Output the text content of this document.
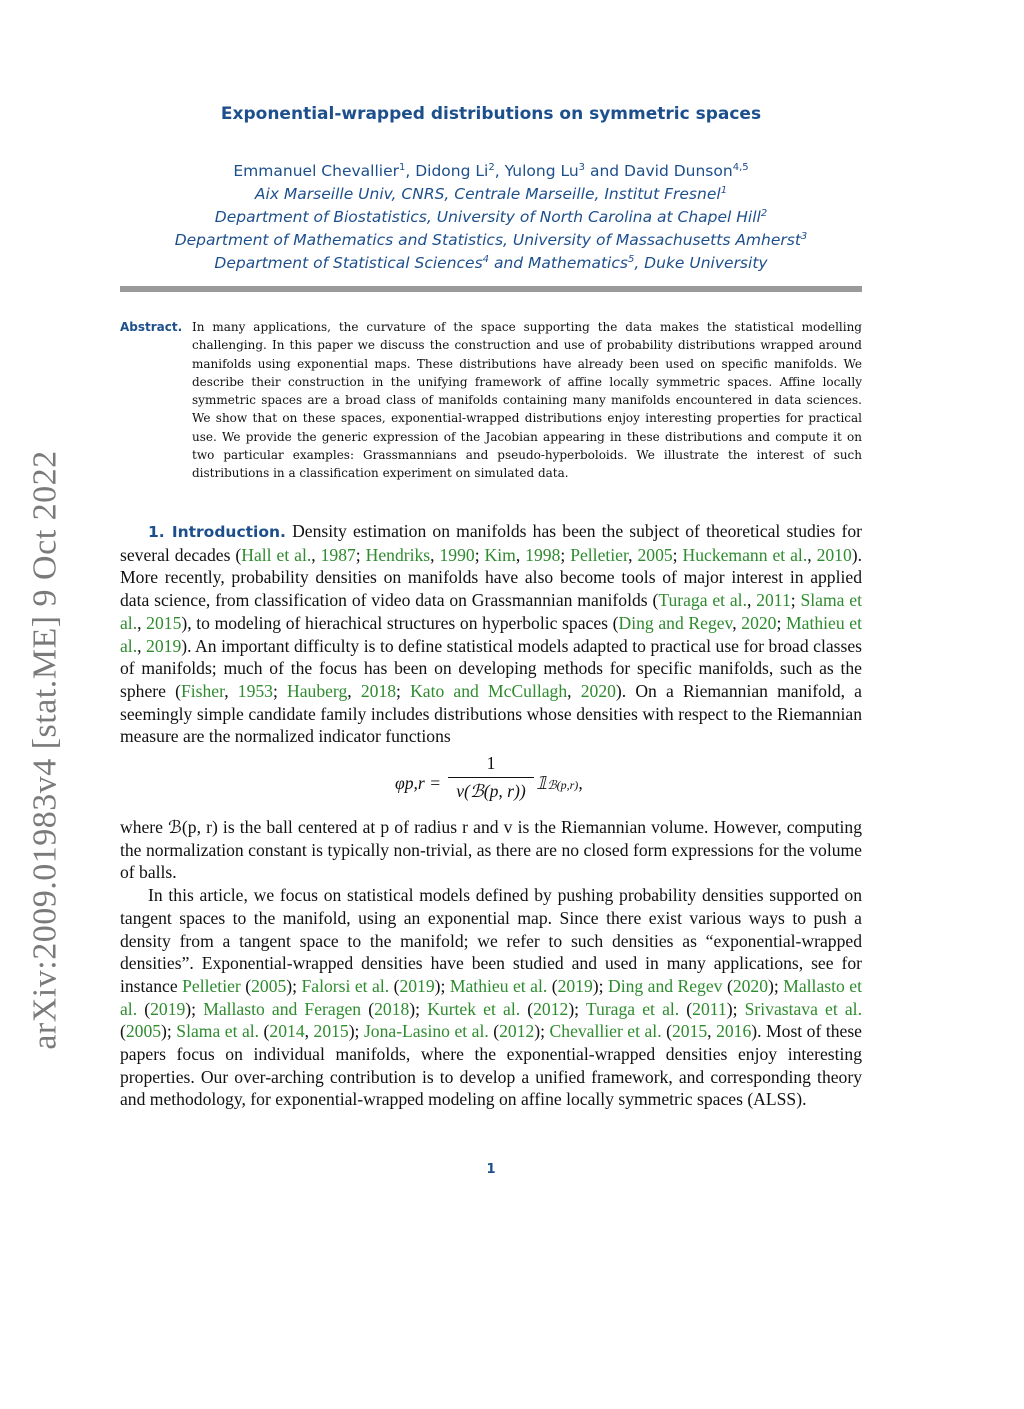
arXiv:2009.01983v4 [stat.ME] 9 Oct 2022
Exponential-wrapped distributions on symmetric spaces
Emmanuel Chevallier$^1$, Didong Li$^2$, Yulong Lu$^3$ and David Dunson$^{4,5}$
Aix Marseille Univ, CNRS, Centrale Marseille, Institut Fresnel$^1$
Department of Biostatistics, University of North Carolina at Chapel Hill$^2$
Department of Mathematics and Statistics, University of Massachusetts Amherst$^3$
Department of Statistical Sciences$^4$ and Mathematics$^5$, Duke University
Abstract. In many applications, the curvature of the space supporting the data makes the statistical modelling challenging. In this paper we discuss the construction and use of probability distributions wrapped around manifolds using exponential maps. These distributions have already been used on specific manifolds. We describe their construction in the unifying framework of affine locally symmetric spaces. Affine locally symmetric spaces are a broad class of manifolds containing many manifolds encountered in data sciences. We show that on these spaces, exponential-wrapped distributions enjoy interesting properties for practical use. We provide the generic expression of the Jacobian appearing in these distributions and compute it on two particular examples: Grassmannians and pseudo-hyperboloids. We illustrate the interest of such distributions in a classification experiment on simulated data.

1. Introduction. Density estimation on manifolds has been the subject of theoretical studies for several decades (Hall et al., 1987; Hendriks, 1990; Kim, 1998; Pelletier, 2005; Huckemann et al., 2010). More recently, probability densities on manifolds have also become tools of major interest in applied data science, from classification of video data on Grassmannian manifolds (Turaga et al., 2011; Slama et al., 2015), to modeling of hierachical structures on hyperbolic spaces (Ding and Regev, 2020; Mathieu et al., 2019). An important difficulty is to define statistical models adapted to practical use for broad classes of manifolds; much of the focus has been on developing methods for specific manifolds, such as the sphere (Fisher, 1953; Hauberg, 2018; Kato and McCullagh, 2020). On a Riemannian manifold, a seemingly simple candidate family includes distributions whose densities with respect to the Riemannian measure are the normalized indicator functions

φp,r =
1
v(ℬ(p, r)) 𝟙ℬ(p,r),

where ℬ(p, r) is the ball centered at p of radius r and v is the Riemannian volume. However, computing the normalization constant is typically non-trivial, as there are no closed form expressions for the volume of balls.

In this article, we focus on statistical models defined by pushing probability densities supported on tangent spaces to the manifold, using an exponential map. Since there exist various ways to push a density from a tangent space to the manifold; we refer to such densities as “exponential-wrapped densities”. Exponential-wrapped densities have been studied and used in many applications, see for instance Pelletier (2005); Falorsi et al. (2019); Mathieu et al. (2019); Ding and Regev (2020); Mallasto et al. (2019); Mallasto and Feragen (2018); Kurtek et al. (2012); Turaga et al. (2011); Srivastava et al. (2005); Slama et al. (2014, 2015); Jona-Lasino et al. (2012); Chevallier et al. (2015, 2016). Most of these papers focus on individual manifolds, where the exponential-wrapped densities enjoy interesting properties. Our over-arching contribution is to develop a unified framework, and corresponding theory and methodology, for exponential-wrapped modeling on affine locally symmetric spaces (ALSS).

1
